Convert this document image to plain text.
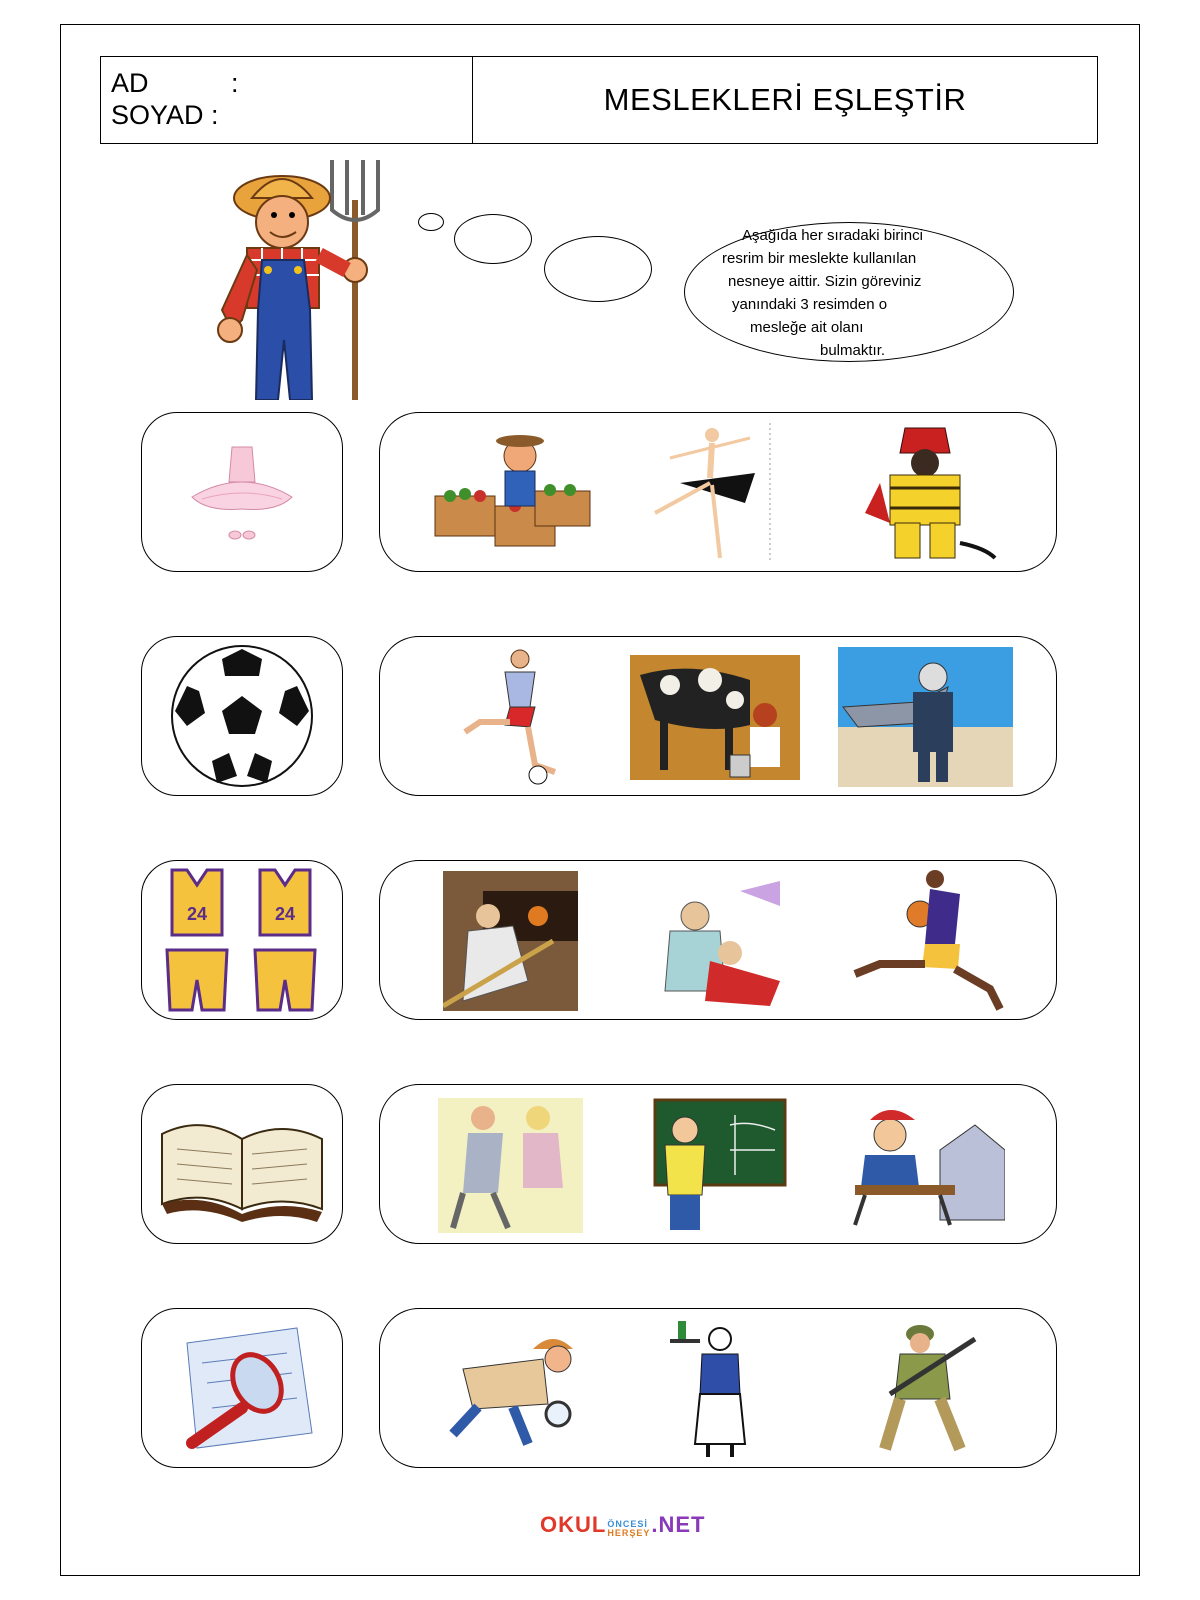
AD	:
SOYAD :	MESLEKLERİ EŞLEŞTİR
Aşağıda her sıradaki birinci
resrim bir meslekte kullanılan
nesneye aittir. Sizin göreviniz
yanındaki 3 resimden o
mesleğe ait olanı
bulmaktır.
24	24
OKUL ÖNCESİ
HERŞEY .NET
